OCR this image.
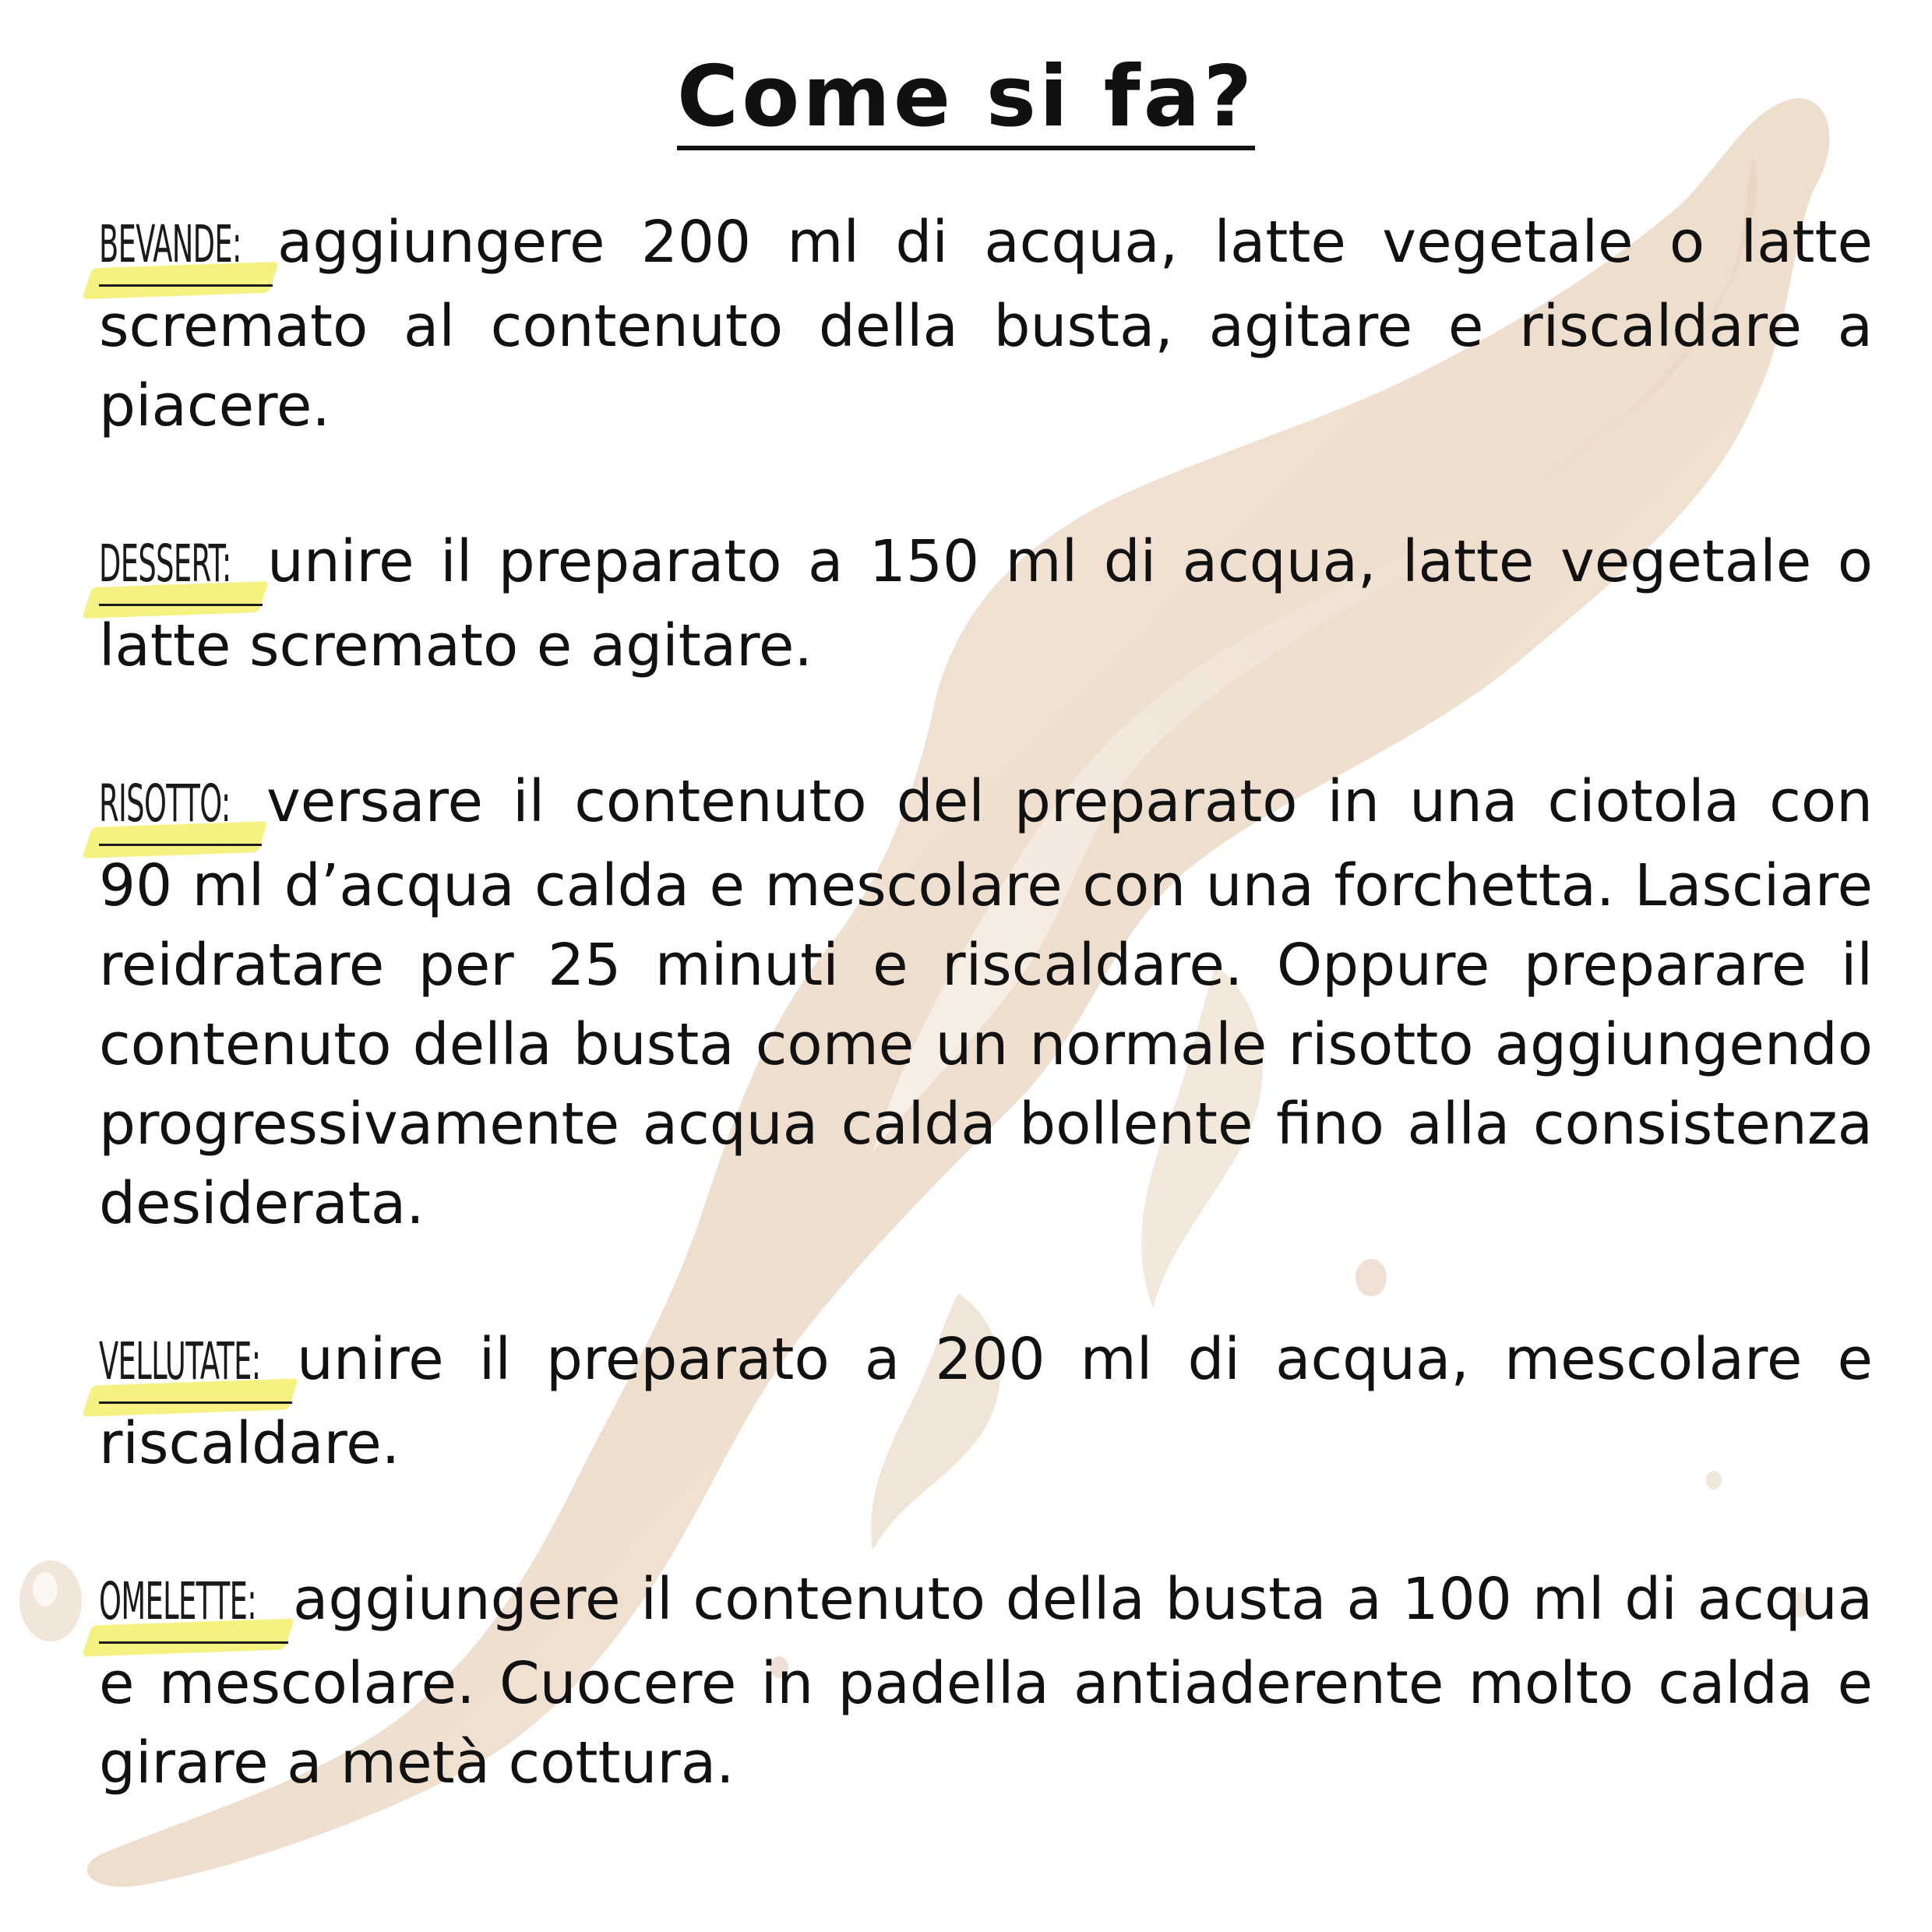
Come si fa?

BEVANDE: aggiungere 200 ml di acqua, latte vegetale o latte scremato al contenuto della busta, agitare e riscaldare a piacere.

DESSERT: unire il preparato a 150 ml di acqua, latte vegetale o latte scremato e agitare.

RISOTTO: versare il contenuto del preparato in una ciotola con 90 ml d’acqua calda e mescolare con una forchetta. Lasciare reidratare per 25 minuti e riscaldare. Oppure preparare il contenuto della busta come un normale risotto aggiungendo progressivamente acqua calda bollente fino alla consistenza desiderata.

VELLUTATE: unire il preparato a 200 ml di acqua, mescolare e riscaldare.

OMELETTE: aggiungere il contenuto della busta a 100 ml di acqua e mescolare. Cuocere in padella antiaderente molto calda e girare a metà cottura.
